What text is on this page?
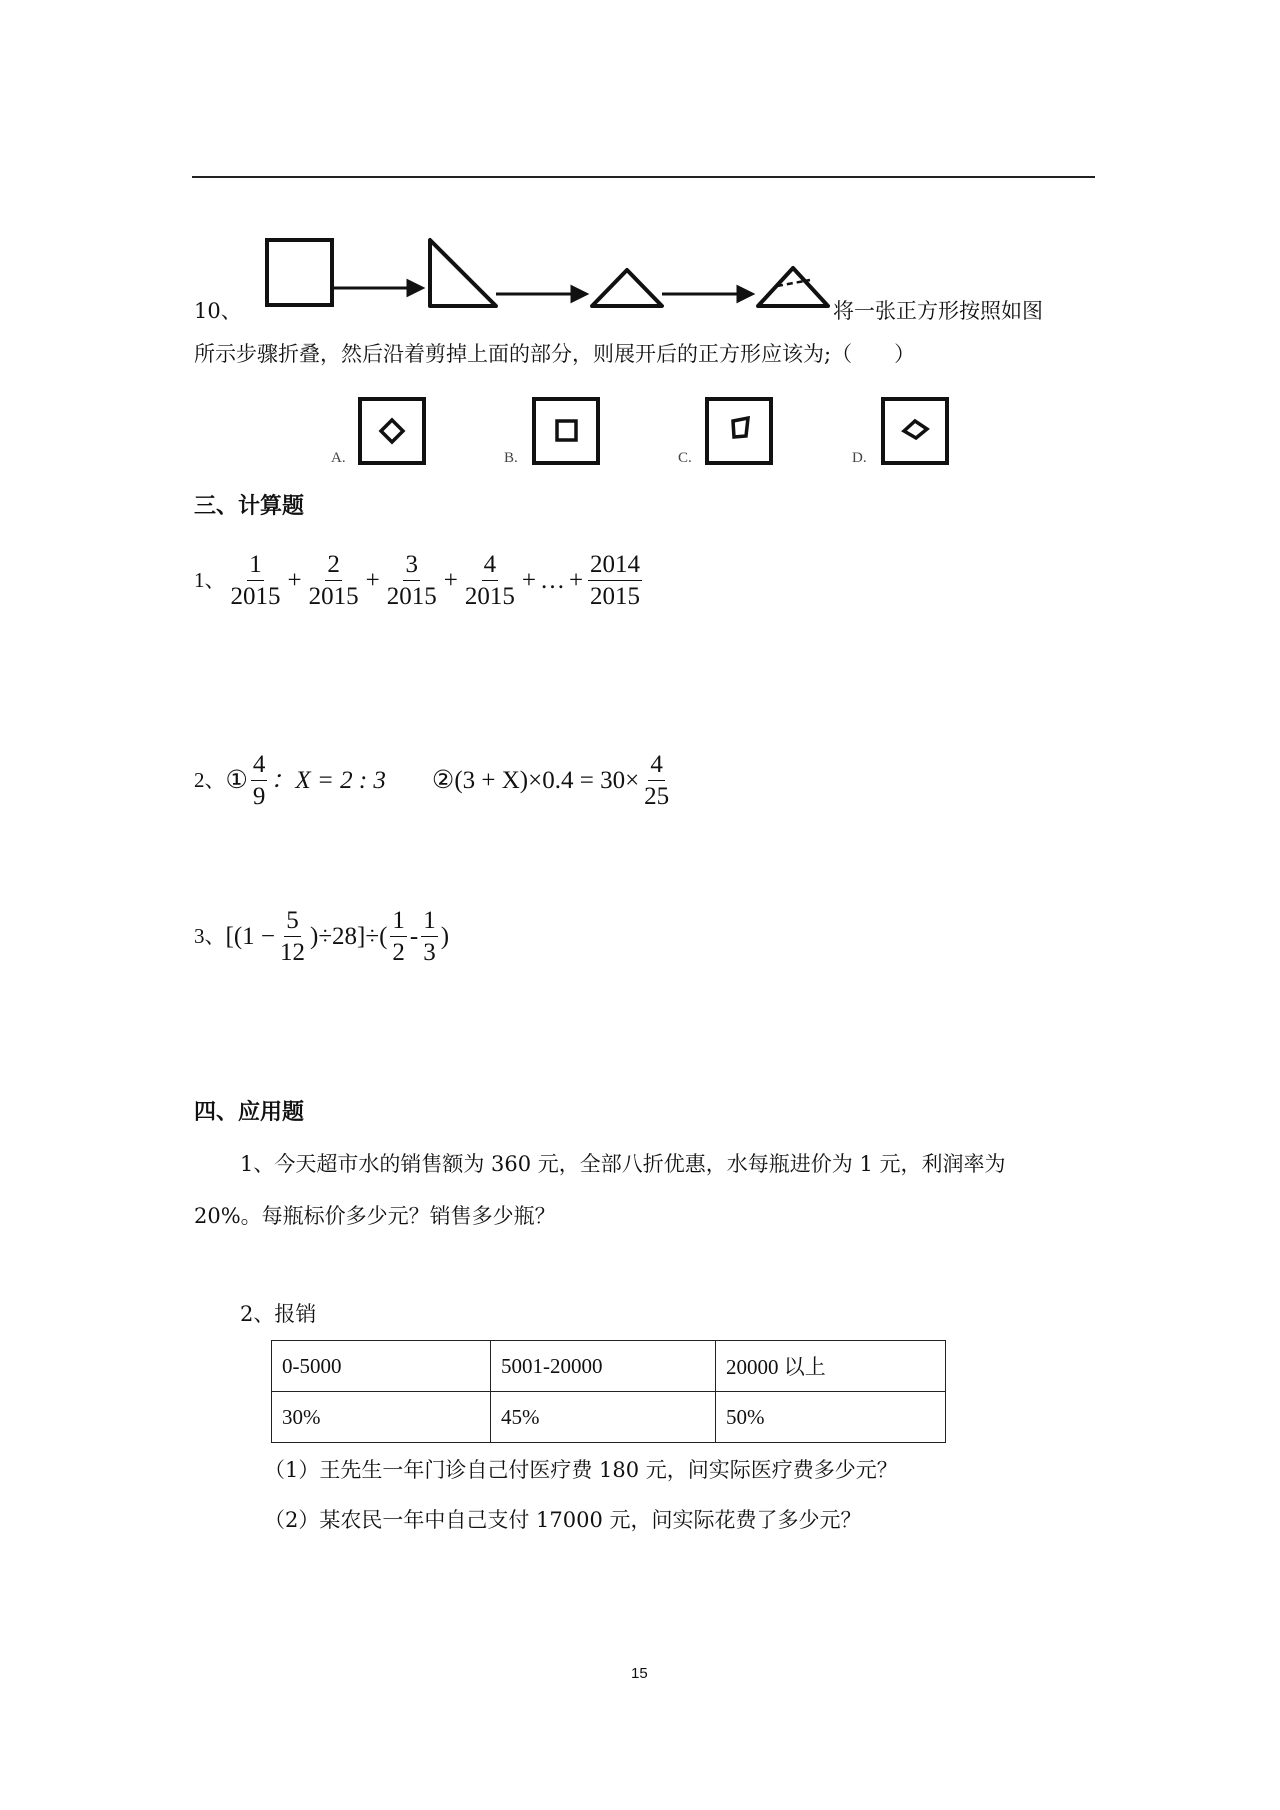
10、	将一张正方形按照如图
所示步骤折叠，然后沿着剪掉上面的部分，则展开后的正方形应该为;（　　）
A.	B.	C.	D.
三、计算题
1、 $\frac{1}{2015} + \frac{2}{2015} + \frac{3}{2015} + \frac{4}{2015}$ + … + $\frac{2014}{2015}$
2、 ① $\frac{4}{9}$ ：X = 2 : 3 ② $(3 + X)\times 0.4 = 30\times \frac{4}{25}$
3、 $[(1 - \frac{5}{12} )\div 28]\div( \frac{1}{2} - \frac{1}{3}$ )
四、应用题
1、今天超市水的销售额为 360 元，全部八折优惠，水每瓶进价为 1 元，利润率为
20%。每瓶标价多少元？销售多少瓶？
2、报销
0-5000	5001-20000	20000 以上
30%	45%	50%
（1）王先生一年门诊自己付医疗费 180 元，问实际医疗费多少元？
（2）某农民一年中自己支付 17000 元，问实际花费了多少元？
15
